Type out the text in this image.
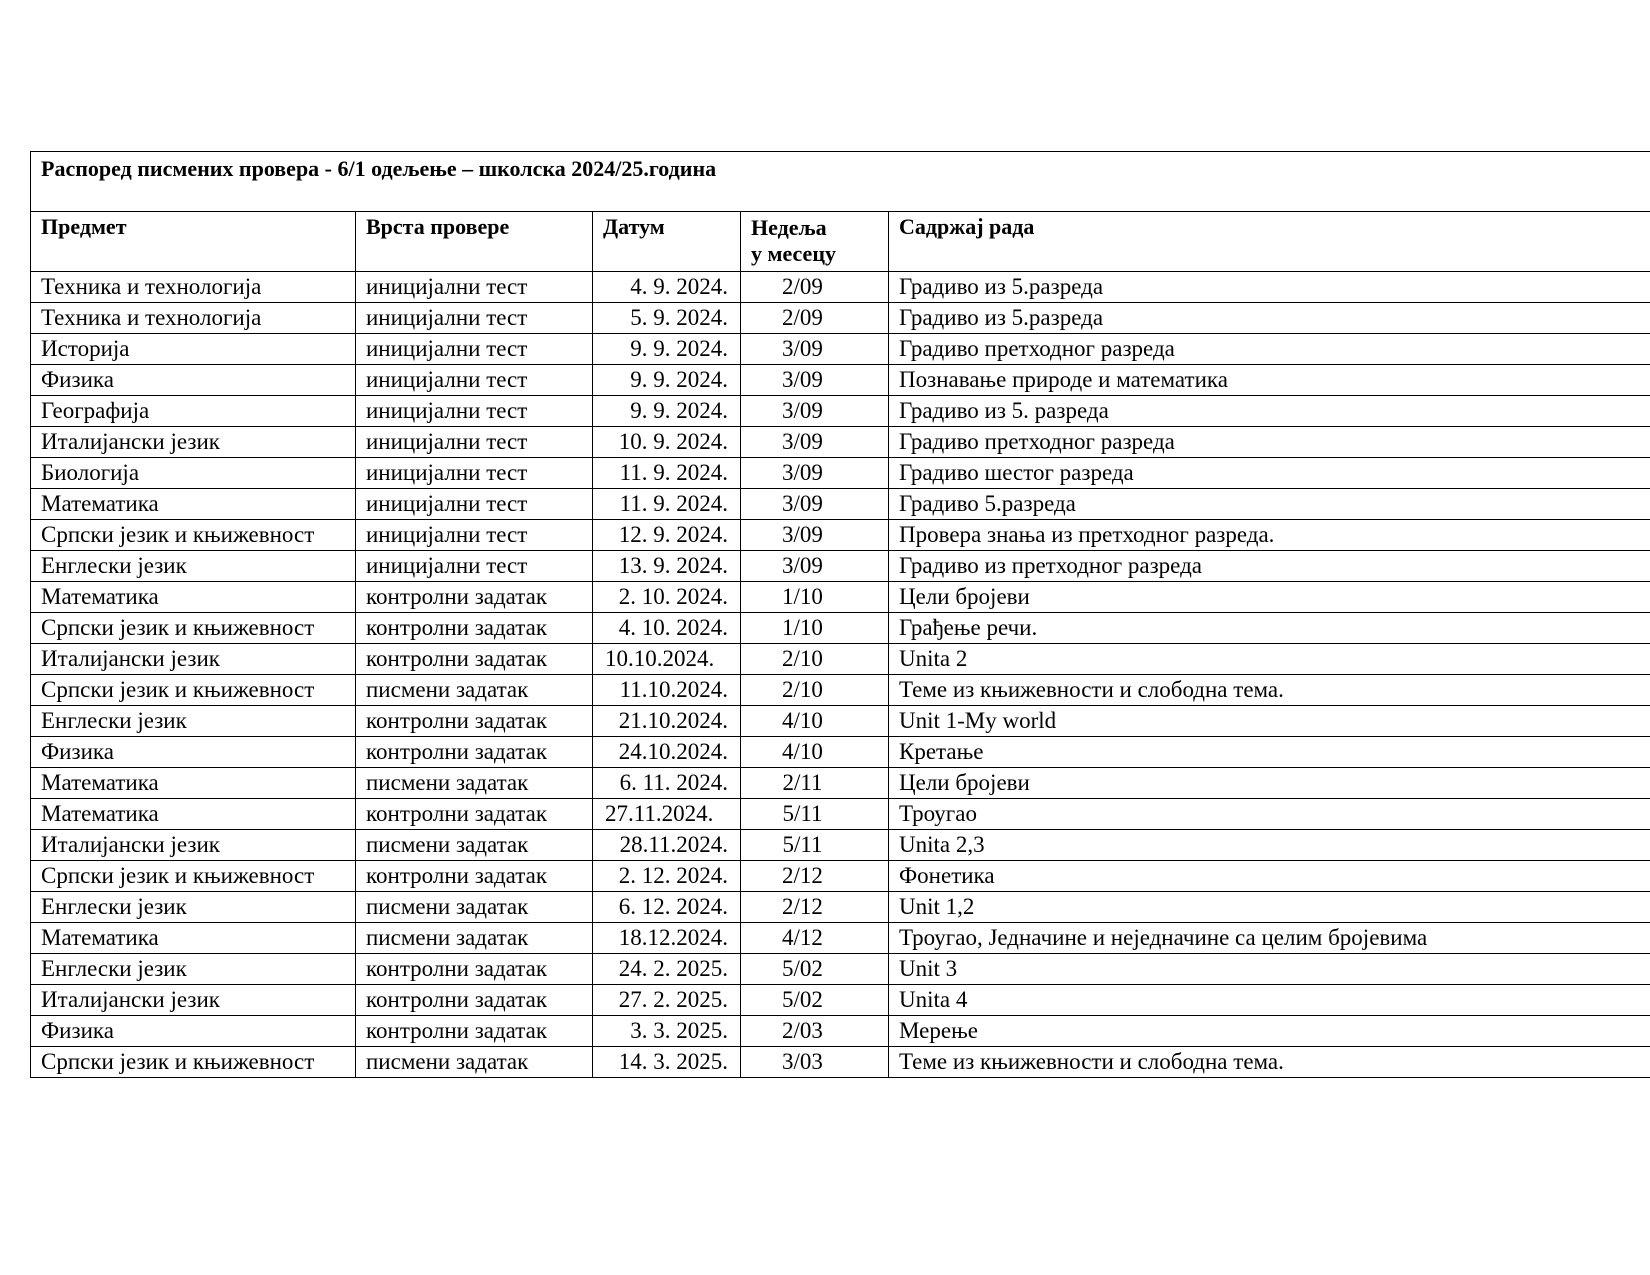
Распоред писмених провера - 6/1 одељење – школска 2024/25.година				
Предмет	Врста провере	Датум	Недеља
у месецу	Садржај рада
Техника и технологија	иницијални тест	4. 9. 2024.	2/09	Градиво из 5.разреда
Техника и технологија	иницијални тест	5. 9. 2024.	2/09	Градиво из 5.разреда
Историја	иницијални тест	9. 9. 2024.	3/09	Градиво претходног разреда
Физика	иницијални тест	9. 9. 2024.	3/09	Познавање природе и математика
Географија	иницијални тест	9. 9. 2024.	3/09	Градиво из 5. разреда
Италијански језик	иницијални тест	10. 9. 2024.	3/09	Градиво претходног разреда
Биологија	иницијални тест	11. 9. 2024.	3/09	Градиво шестог разреда
Математика	иницијални тест	11. 9. 2024.	3/09	Градиво 5.разреда
Српски језик и књижевност	иницијални тест	12. 9. 2024.	3/09	Провера знања из претходног разреда.
Енглески језик	иницијални тест	13. 9. 2024.	3/09	Градиво из претходног разреда
Математика	контролни задатак	2. 10. 2024.	1/10	Цели бројеви
Српски језик и књижевност	контролни задатак	4. 10. 2024.	1/10	Грађење речи.
Италијански језик	контролни задатак	10.10.2024.	2/10	Unita 2
Српски језик и књижевност	писмени задатак	11.10.2024.	2/10	Теме из књижевности и слободна тема.
Енглески језик	контролни задатак	21.10.2024.	4/10	Unit 1-My world
Физика	контролни задатак	24.10.2024.	4/10	Кретање
Математика	писмени задатак	6. 11. 2024.	2/11	Цели бројеви
Математика	контролни задатак	27.11.2024.	5/11	Троугао
Италијански језик	писмени задатак	28.11.2024.	5/11	Unita 2,3
Српски језик и књижевност	контролни задатак	2. 12. 2024.	2/12	Фонетика
Енглески језик	писмени задатак	6. 12. 2024.	2/12	Unit 1,2
Математика	писмени задатак	18.12.2024.	4/12	Троугао, Једначине и неједначине са целим бројевима
Енглески језик	контролни задатак	24. 2. 2025.	5/02	Unit 3
Италијански језик	контролни задатак	27. 2. 2025.	5/02	Unita 4
Физика	контролни задатак	3. 3. 2025.	2/03	Мерење
Српски језик и књижевност	писмени задатак	14. 3. 2025.	3/03	Теме из књижевности и слободна тема.
